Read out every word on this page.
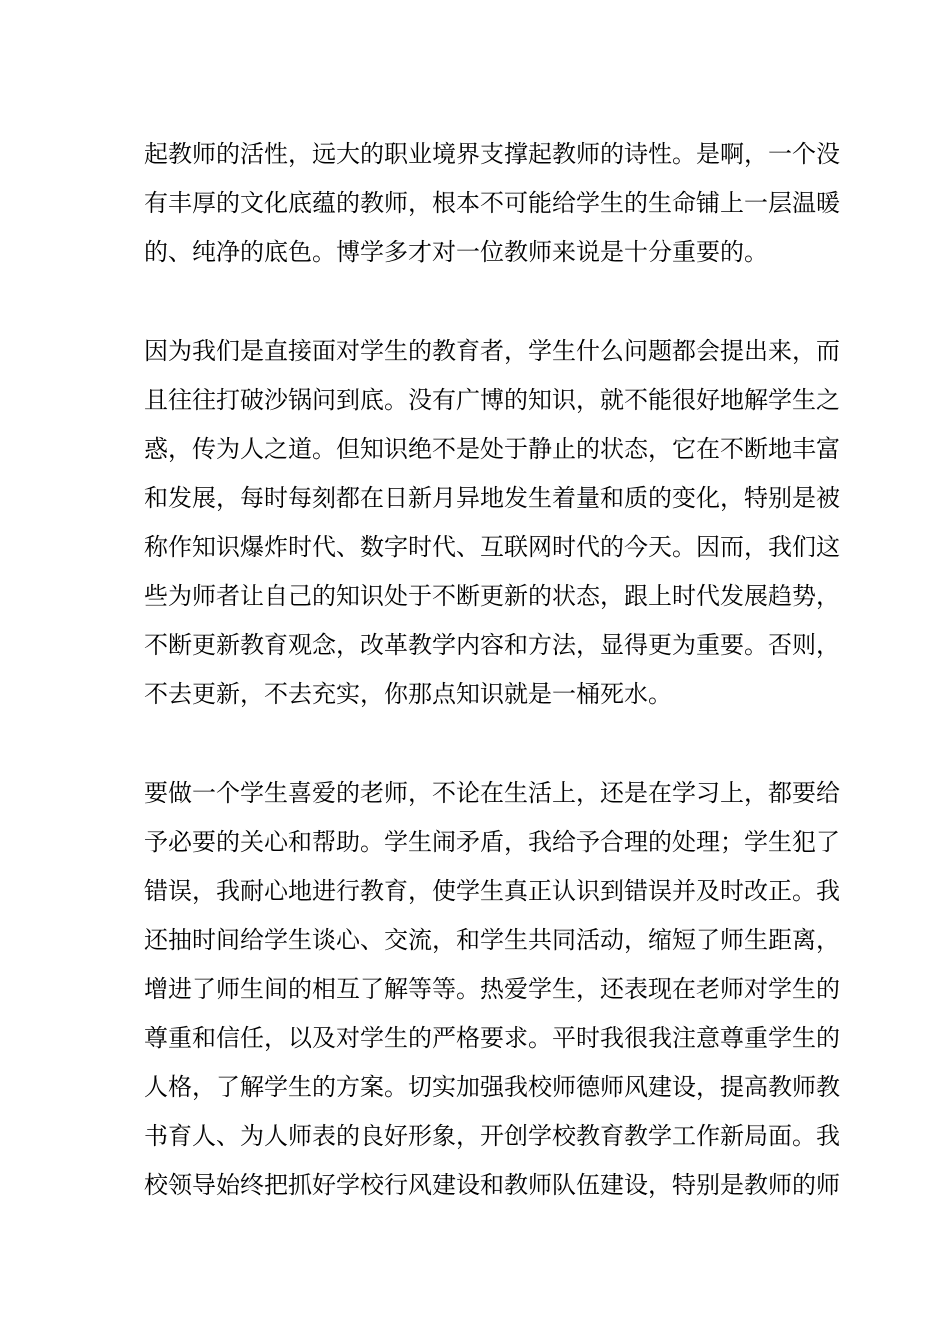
起教师的活性，远大的职业境界支撑起教师的诗性。是啊，一个没
有丰厚的文化底蕴的教师，根本不可能给学生的生命铺上一层温暖
的、纯净的底色。博学多才对一位教师来说是十分重要的。
因为我们是直接面对学生的教育者，学生什么问题都会提出来，而
且往往打破沙锅问到底。没有广博的知识，就不能很好地解学生之
惑，传为人之道。但知识绝不是处于静止的状态，它在不断地丰富
和发展，每时每刻都在日新月异地发生着量和质的变化，特别是被
称作知识爆炸时代、数字时代、互联网时代的今天。因而，我们这
些为师者让自己的知识处于不断更新的状态，跟上时代发展趋势，
不断更新教育观念，改革教学内容和方法，显得更为重要。否则，
不去更新，不去充实，你那点知识就是一桶死水。
要做一个学生喜爱的老师，不论在生活上，还是在学习上，都要给
予必要的关心和帮助。学生闹矛盾，我给予合理的处理；学生犯了
错误，我耐心地进行教育，使学生真正认识到错误并及时改正。我
还抽时间给学生谈心、交流，和学生共同活动，缩短了师生距离，
增进了师生间的相互了解等等。热爱学生，还表现在老师对学生的
尊重和信任，以及对学生的严格要求。平时我很我注意尊重学生的
人格，了解学生的方案。切实加强我校师德师风建设，提高教师教
书育人、为人师表的良好形象，开创学校教育教学工作新局面。我
校领导始终把抓好学校行风建设和教师队伍建设，特别是教师的师
